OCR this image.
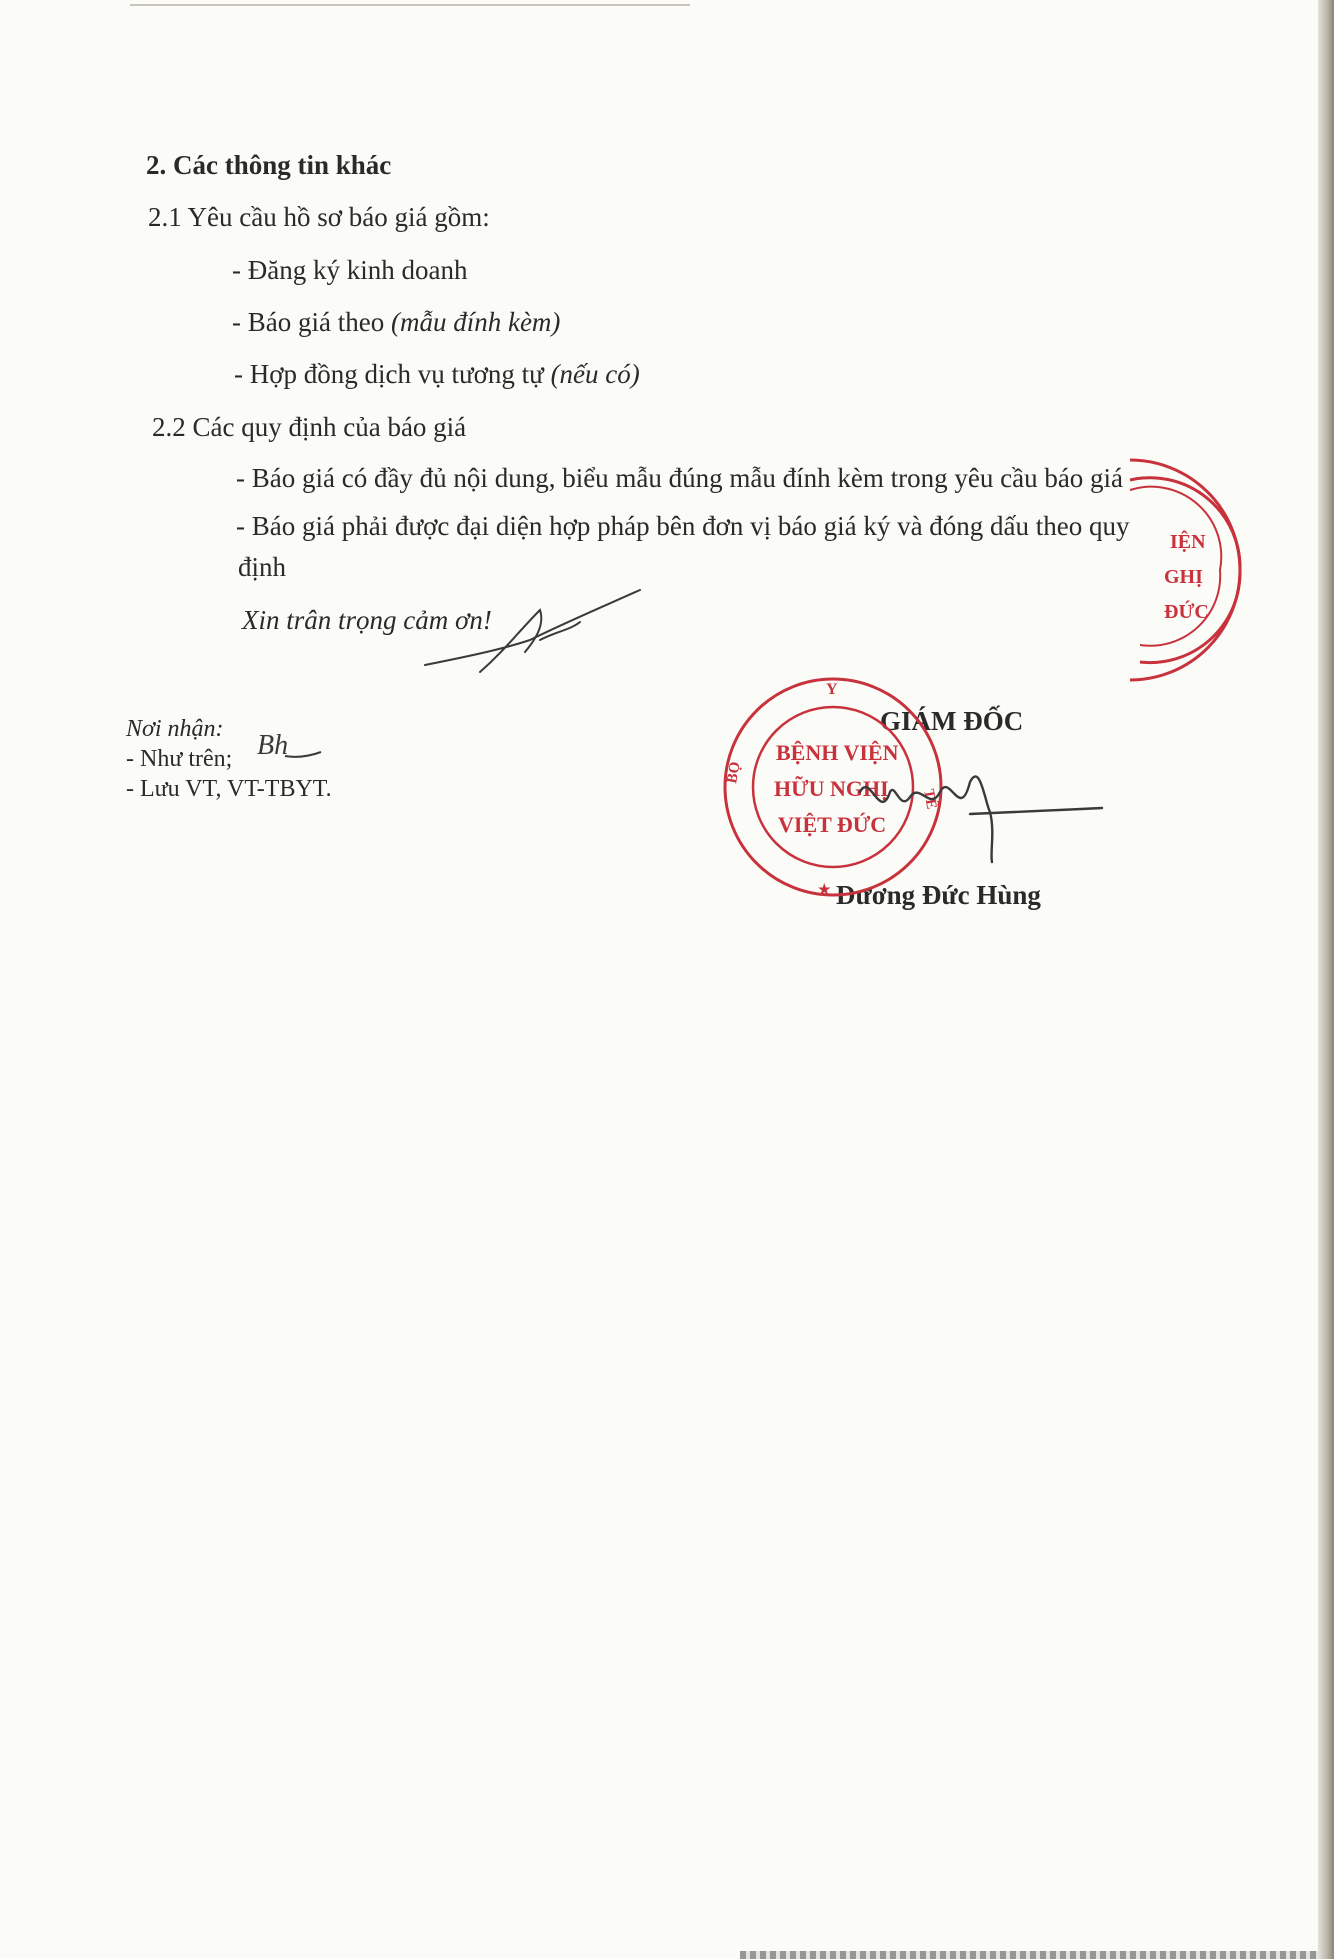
2. Các thông tin khác
2.1 Yêu cầu hồ sơ báo giá gồm:
- Đăng ký kinh doanh
- Báo giá theo (mẫu đính kèm)
- Hợp đồng dịch vụ tương tự (nếu có)
2.2 Các quy định của báo giá
- Báo giá có đầy đủ nội dung, biểu mẫu đúng mẫu đính kèm trong yêu cầu báo giá
- Báo giá phải được đại diện hợp pháp bên đơn vị báo giá ký và đóng dấu theo quy
định
Xin trân trọng cảm ơn!
Nơi nhận:
- Như trên;
- Lưu VT, VT-TBYT.
Bh
GIÁM ĐỐC
Dương Đức Hùng
Y
BỘ
TẾ
BỆNH VIỆN
HỮU NGHỊ
VIỆT ĐỨC
★
IỆN
GHỊ
ĐỨC
